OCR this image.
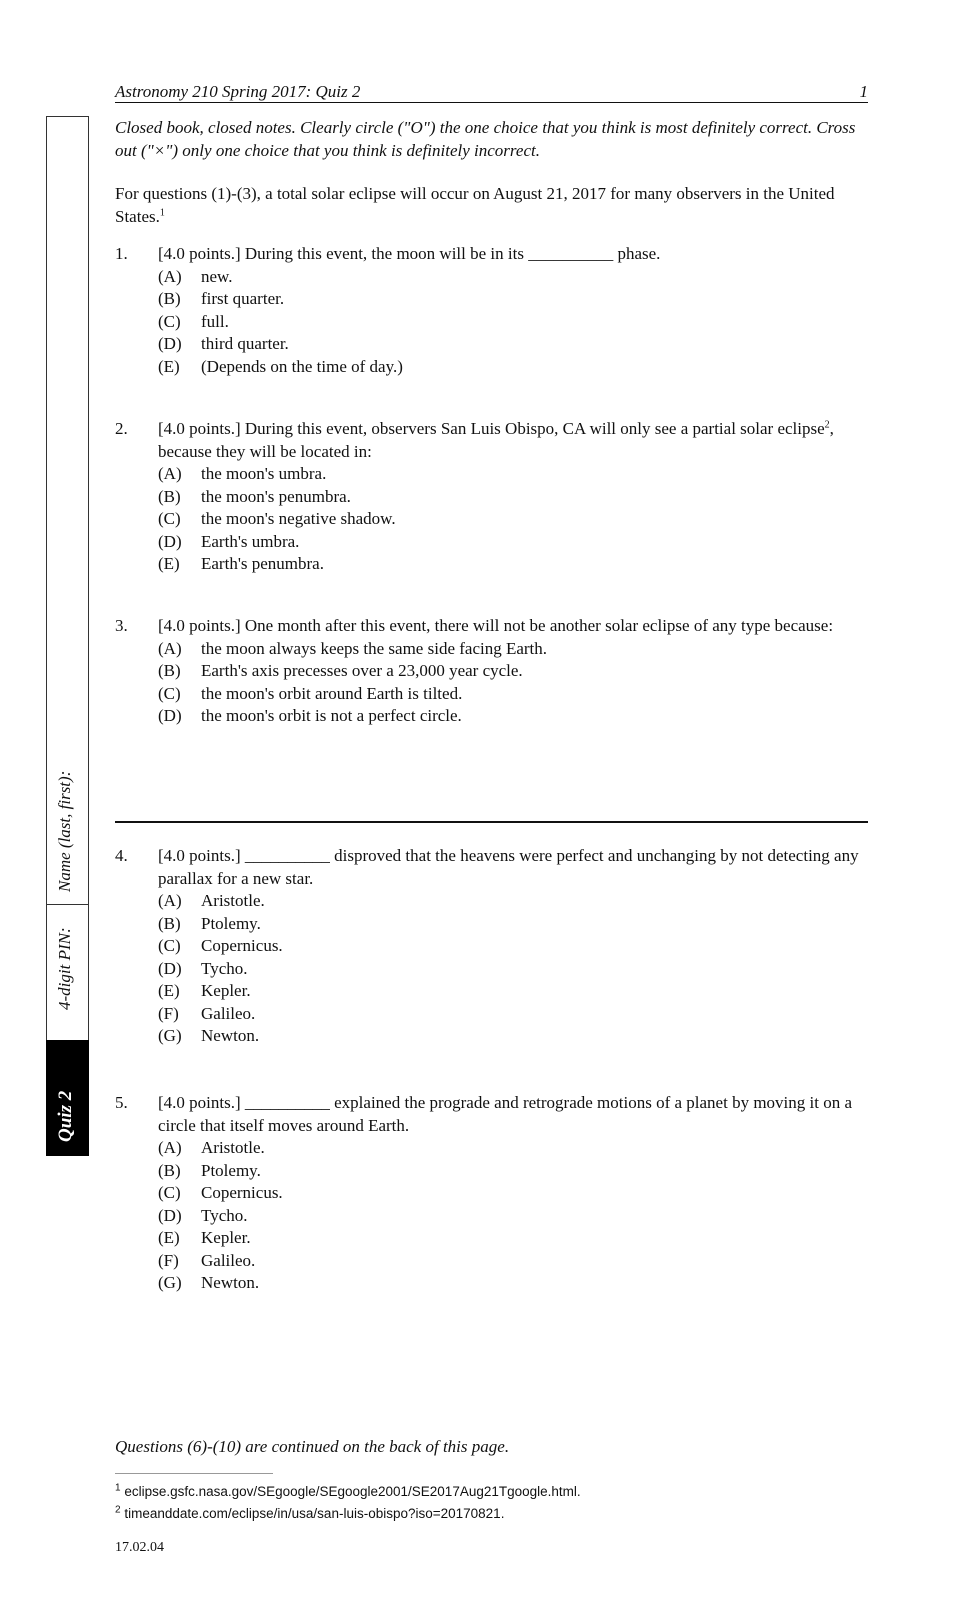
Astronomy 210 Spring 2017: Quiz 2	1
Name (last, first):
4-digit PIN:
Quiz 2
Closed book, closed notes. Clearly circle ("O") the one choice that you think is most definitely correct. Cross out ("×") only one choice that you think is definitely incorrect.
For questions (1)-(3), a total solar eclipse will occur on August 21, 2017 for many observers in the United States.$^1$
1. [4.0 points.] During this event, the moon will be in its __________ phase.
(A) new.
(B) first quarter.
(C) full.
(D) third quarter.
(E) (Depends on the time of day.)
2. [4.0 points.] During this event, observers San Luis Obispo, CA will only see a partial solar eclipse$^2$, because they will be located in:
(A) the moon's umbra.
(B) the moon's penumbra.
(C) the moon's negative shadow.
(D) Earth's umbra.
(E) Earth's penumbra.
3. [4.0 points.] One month after this event, there will not be another solar eclipse of any type because:
(A) the moon always keeps the same side facing Earth.
(B) Earth's axis precesses over a 23,000 year cycle.
(C) the moon's orbit around Earth is tilted.
(D) the moon's orbit is not a perfect circle.
4. [4.0 points.] __________ disproved that the heavens were perfect and unchanging by not detecting any parallax for a new star.
(A) Aristotle.
(B) Ptolemy.
(C) Copernicus.
(D) Tycho.
(E) Kepler.
(F) Galileo.
(G) Newton.
5. [4.0 points.] __________ explained the prograde and retrograde motions of a planet by moving it on a circle that itself moves around Earth.
(A) Aristotle.
(B) Ptolemy.
(C) Copernicus.
(D) Tycho.
(E) Kepler.
(F) Galileo.
(G) Newton.
Questions (6)-(10) are continued on the back of this page.
$^1$ eclipse.gsfc.nasa.gov/SEgoogle/SEgoogle2001/SE2017Aug21Tgoogle.html.
$^2$ timeanddate.com/eclipse/in/usa/san-luis-obispo?iso=20170821.
17.02.04
